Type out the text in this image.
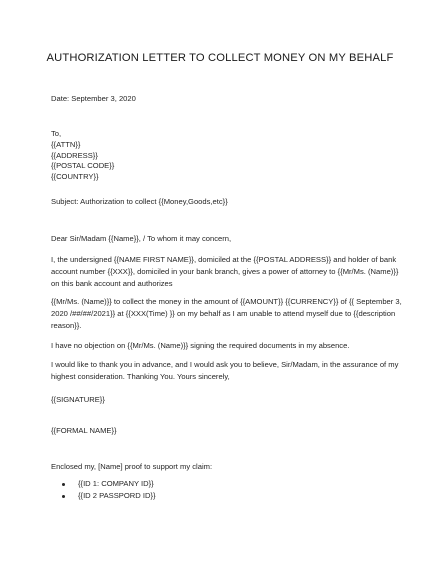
AUTHORIZATION LETTER TO COLLECT MONEY ON MY BEHALF
Date: September 3, 2020
To,
{{ATTN}}
{{ADDRESS}}
{{POSTAL CODE}}
{{COUNTRY}}
Subject: Authorization to collect {{Money,Goods,etc}}
Dear Sir/Madam {{Name}}, / To whom it may concern,
I, the undersigned {{NAME FIRST NAME}}, domiciled at the {{POSTAL ADDRESS}} and holder of bank
account number {{XXX}}, domiciled in your bank branch, gives a power of attorney to {{Mr/Ms. (Name)}}
on this bank account and authorizes
{{Mr/Ms. (Name)}} to collect the money in the amount of {{AMOUNT}} {{CURRENCY}} of {{ September 3,
2020 /##/##/2021}} at {{XXX(Time) }} on my behalf as I am unable to attend myself due to {{description
reason}}.
I have no objection on {{Mr/Ms. (Name)}} signing the required documents in my absence.
I would like to thank you in advance, and I would ask you to believe, Sir/Madam, in the assurance of my
highest consideration. Thanking You. Yours sincerely,
{{SIGNATURE}}
{{FORMAL NAME}}
Enclosed my, [Name] proof to support my claim:
{{ID 1: COMPANY ID}}
{{ID 2 PASSPORD ID}}
